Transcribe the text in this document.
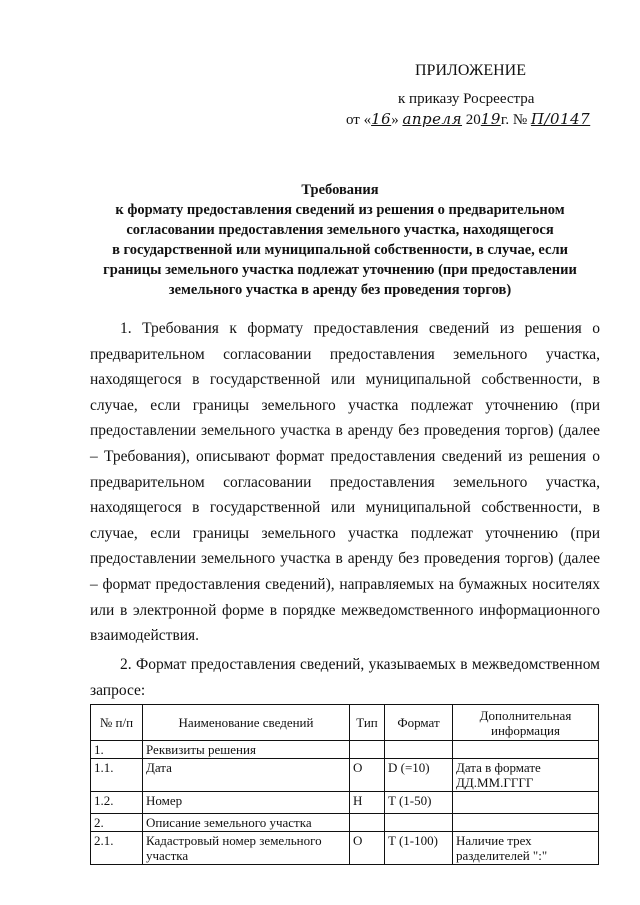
ПРИЛОЖЕНИЕ
к приказу Росреестра
от «16» апреля 2019г. № П/0147
Требования
к формату предоставления сведений из решения о предварительном
согласовании предоставления земельного участка, находящегося
в государственной или муниципальной собственности, в случае, если
границы земельного участка подлежат уточнению (при предоставлении
земельного участка в аренду без проведения торгов)
1. Требования к формату предоставления сведений из решения о предварительном согласовании предоставления земельного участка, находящегося в государственной или муниципальной собственности, в случае, если границы земельного участка подлежат уточнению (при предоставлении земельного участка в аренду без проведения торгов) (далее – Требования), описывают формат предоставления сведений из решения о предварительном согласовании предоставления земельного участка, находящегося в государственной или муниципальной собственности, в случае, если границы земельного участка подлежат уточнению (при предоставлении земельного участка в аренду без проведения торгов) (далее – формат предоставления сведений), направляемых на бумажных носителях или в электронной форме в порядке межведомственного информационного взаимодействия.
2. Формат предоставления сведений, указываемых в межведомственном запросе:
№ п/п	Наименование сведений	Тип	Формат	Дополнительная информация
1.	Реквизиты решения			
1.1.	Дата	О	D (=10)	Дата в формате ДД.ММ.ГГГГ
1.2.	Номер	Н	T (1-50)	
2.	Описание земельного участка			
2.1.	Кадастровый номер земельного участка	О	T (1-100)	Наличие трех разделителей ":"
